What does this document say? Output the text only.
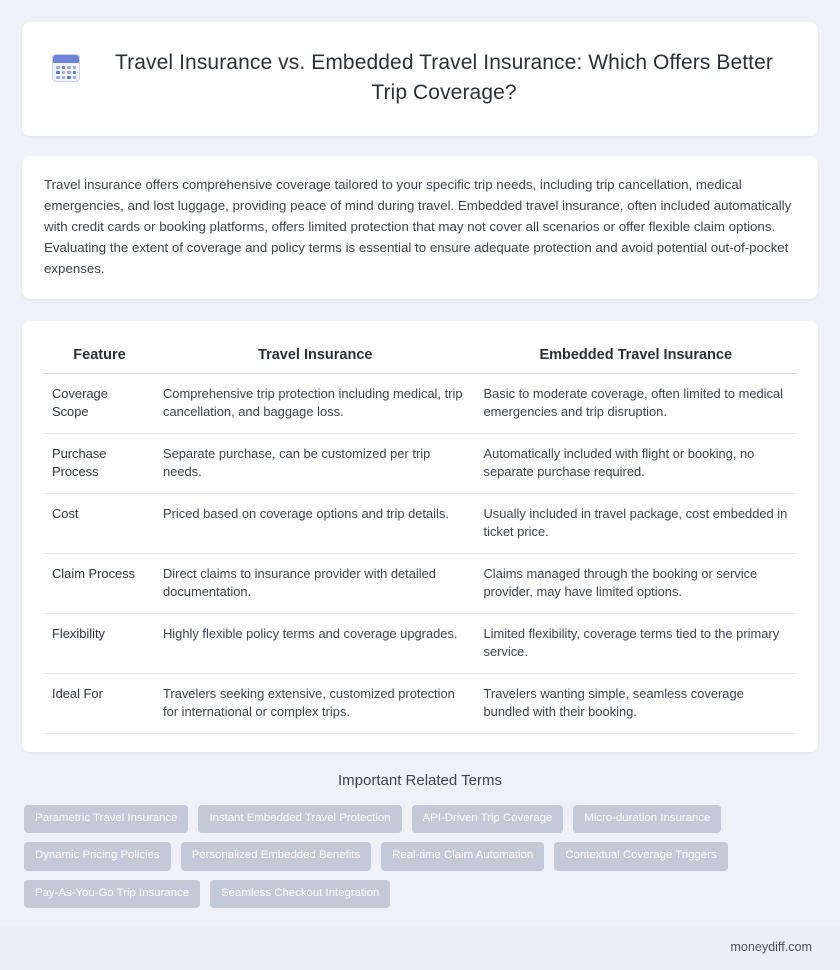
Travel Insurance vs. Embedded Travel Insurance: Which Offers Better Trip Coverage?

Travel insurance offers comprehensive coverage tailored to your specific trip needs, including trip cancellation, medical emergencies, and lost luggage, providing peace of mind during travel. Embedded travel insurance, often included automatically with credit cards or booking platforms, offers limited protection that may not cover all scenarios or offer flexible claim options. Evaluating the extent of coverage and policy terms is essential to ensure adequate protection and avoid potential out-of-pocket expenses.

Feature	Travel Insurance	Embedded Travel Insurance
Coverage Scope	Comprehensive trip protection including medical, trip cancellation, and baggage loss.	Basic to moderate coverage, often limited to medical emergencies and trip disruption.
Purchase Process	Separate purchase, can be customized per trip needs.	Automatically included with flight or booking, no separate purchase required.
Cost	Priced based on coverage options and trip details.	Usually included in travel package, cost embedded in ticket price.
Claim Process	Direct claims to insurance provider with detailed documentation.	Claims managed through the booking or service provider, may have limited options.
Flexibility	Highly flexible policy terms and coverage upgrades.	Limited flexibility, coverage terms tied to the primary service.
Ideal For	Travelers seeking extensive, customized protection for international or complex trips.	Travelers wanting simple, seamless coverage bundled with their booking.
Important Related Terms
Parametric Travel Insurance	Instant Embedded Travel Protection	API-Driven Trip Coverage	Micro-duration Insurance
Dynamic Pricing Policies	Personalized Embedded Benefits	Real-time Claim Automation	Contextual Coverage Triggers
Pay-As-You-Go Trip Insurance	Seamless Checkout Integration
moneydiff.com
